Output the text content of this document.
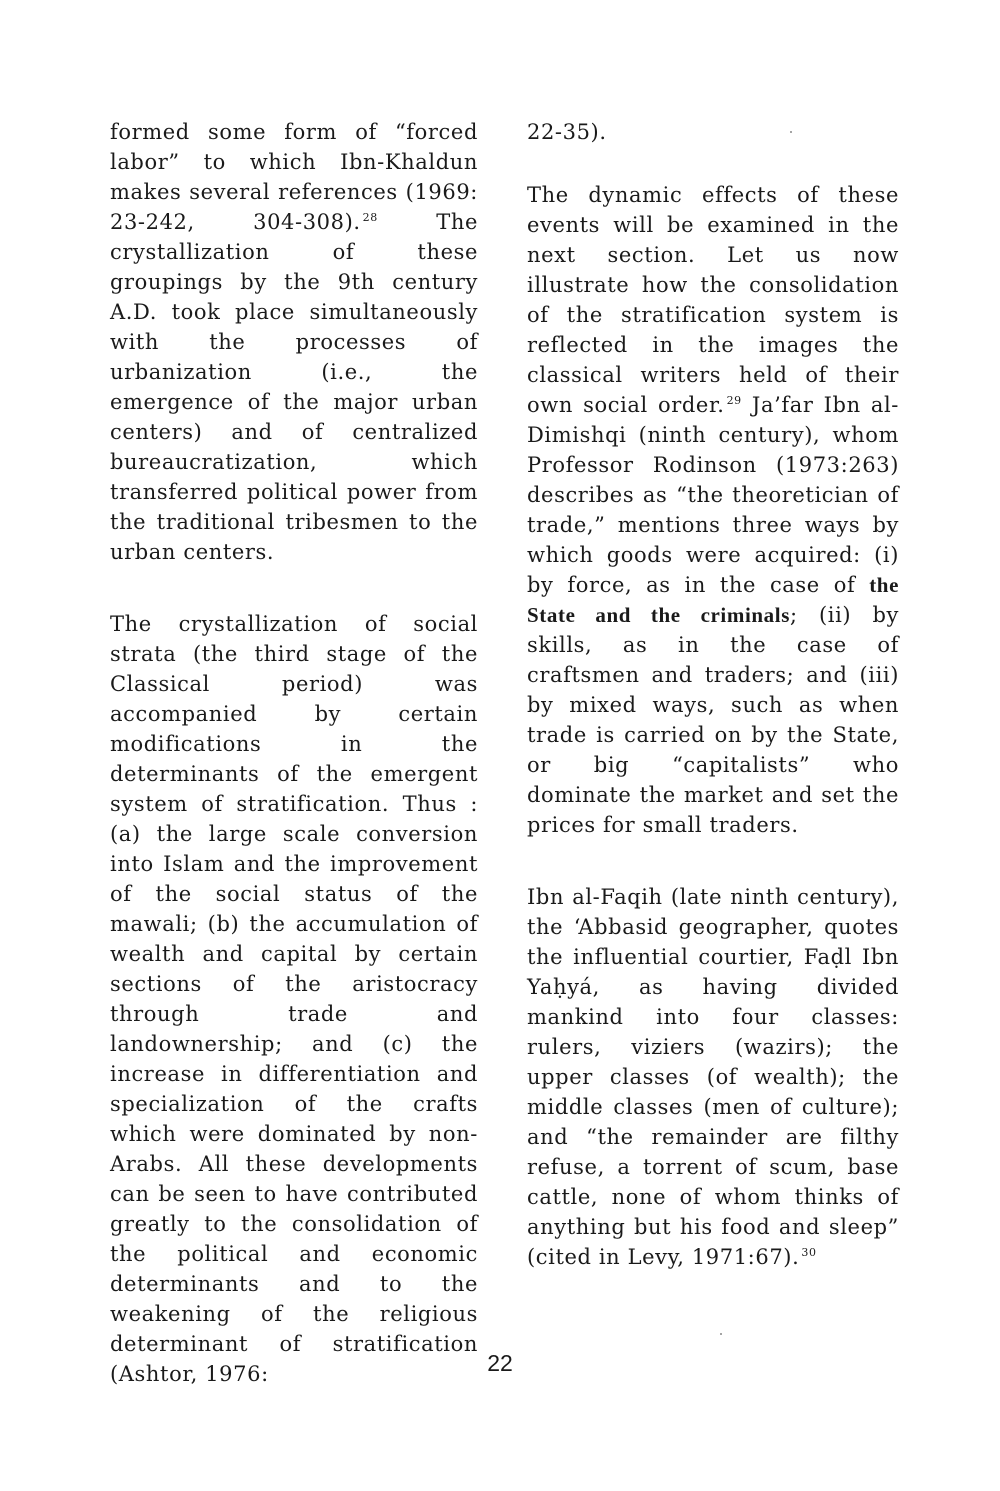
formed some form of “forced labor” to which Ibn-Khaldun makes several references (1969: 23-242, 304-308). $^{28}$ The crystallization of these groupings by the 9th century A.D. took place simultaneously with the processes of urbanization (i.e., the emergence of the major urban centers) and of centralized bureaucratization, which transferred political power from the traditional tribesmen to the urban centers.

The crystallization of social strata (the third stage of the Classical period) was accompanied by certain modifications in the determinants of the emergent system of stratification. Thus : (a) the large scale conversion into Islam and the improvement of the social status of the mawali; (b) the accumulation of wealth and capital by certain sections of the aristocracy through trade and landownership; and (c) the increase in differentiation and specialization of the crafts which were dominated by non-Arabs. All these developments can be seen to have contributed greatly to the consolidation of the political and economic determinants and to the weakening of the religious determinant of stratification (Ashtor, 1976:

22-35).

The dynamic effects of these events will be examined in the next section. Let us now illustrate how the consolidation of the stratification system is reflected in the images the classical writers held of their own social order. $^{29}$ Ja’far Ibn al-Dimishqi (ninth century), whom Professor Rodinson (1973:263) describes as “the theoretician of trade,” mentions three ways by which goods were acquired: (i) by force, as in the case of the State and the criminals; (ii) by skills, as in the case of craftsmen and traders; and (iii) by mixed ways, such as when trade is carried on by the State, or big “capitalists” who dominate the market and set the prices for small traders.

Ibn al-Faqih (late ninth century), the ‘Abbasid geographer, quotes the influential courtier, Faḍl Ibn Yaḥyá, as having divided mankind into four classes: rulers, viziers (wazirs); the upper classes (of wealth); the middle classes (men of culture); and “the remainder are filthy refuse, a torrent of scum, base cattle, none of whom thinks of anything but his food and sleep” (cited in Levy, 1971:67). $^{30}$

22
